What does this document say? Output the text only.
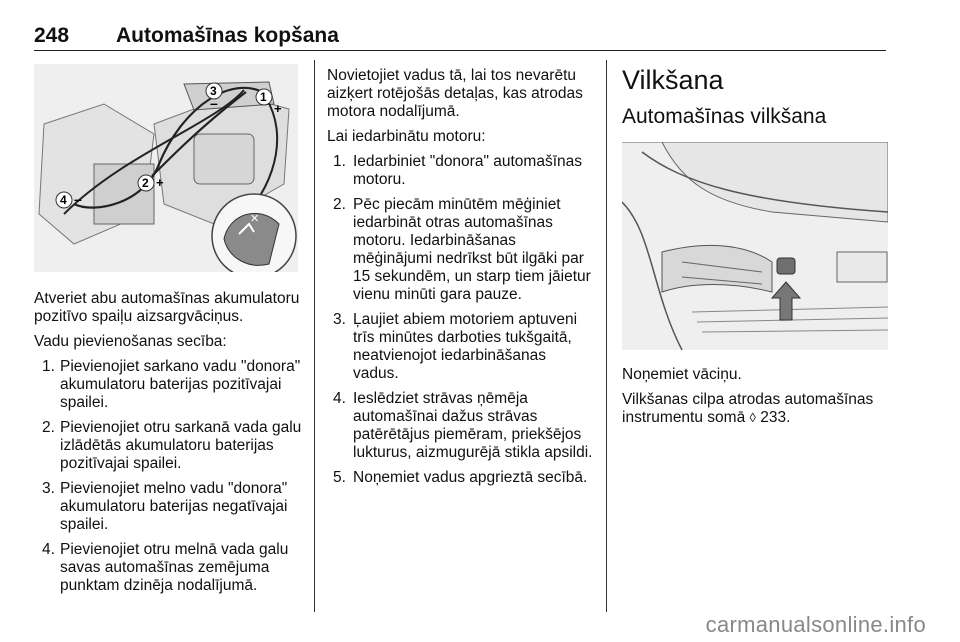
248 Automašīnas kopšana
✕
1
+
2 +
3
–
4 –

Atveriet abu automašīnas akumulatoru pozitīvo spaiļu aizsargvāciņus.

Vadu pievienošanas secība:

1. Pievienojiet sarkano vadu "donora" akumulatoru baterijas pozitīvajai spailei.
2. Pievienojiet otru sarkanā vada galu izlādētās akumulatoru baterijas pozitīvajai spailei.
3. Pievienojiet melno vadu "donora" akumulatoru baterijas negatīvajai spailei.
4. Pievienojiet otru melnā vada galu savas automašīnas zemējuma punktam dzinēja nodalījumā.

Novietojiet vadus tā, lai tos nevarētu aizķert rotējošās detaļas, kas atrodas motora nodalījumā.

Lai iedarbinātu motoru:

1. Iedarbiniet "donora" automašīnas motoru.
2. Pēc piecām minūtēm mēģiniet iedarbināt otras automašīnas motoru. Iedarbināšanas mēģinājumi nedrīkst būt ilgāki par 15 sekundēm, un starp tiem jāietur vienu minūti gara pauze.
3. Ļaujiet abiem motoriem aptuveni trīs minūtes darboties tukšgaitā, neatvienojot iedarbināšanas vadus.
4. Ieslēdziet strāvas ņēmēja automašīnai dažus strāvas patērētājus piemēram, priekšējos lukturus, aizmugurējā stikla apsildi.
5. Noņemiet vadus apgrieztā secībā.
Vilkšana
Automašīnas vilkšana

Noņemiet vāciņu.

Vilkšanas cilpa atrodas automašīnas instrumentu somā ◊ 233.

carmanualsonline.info
